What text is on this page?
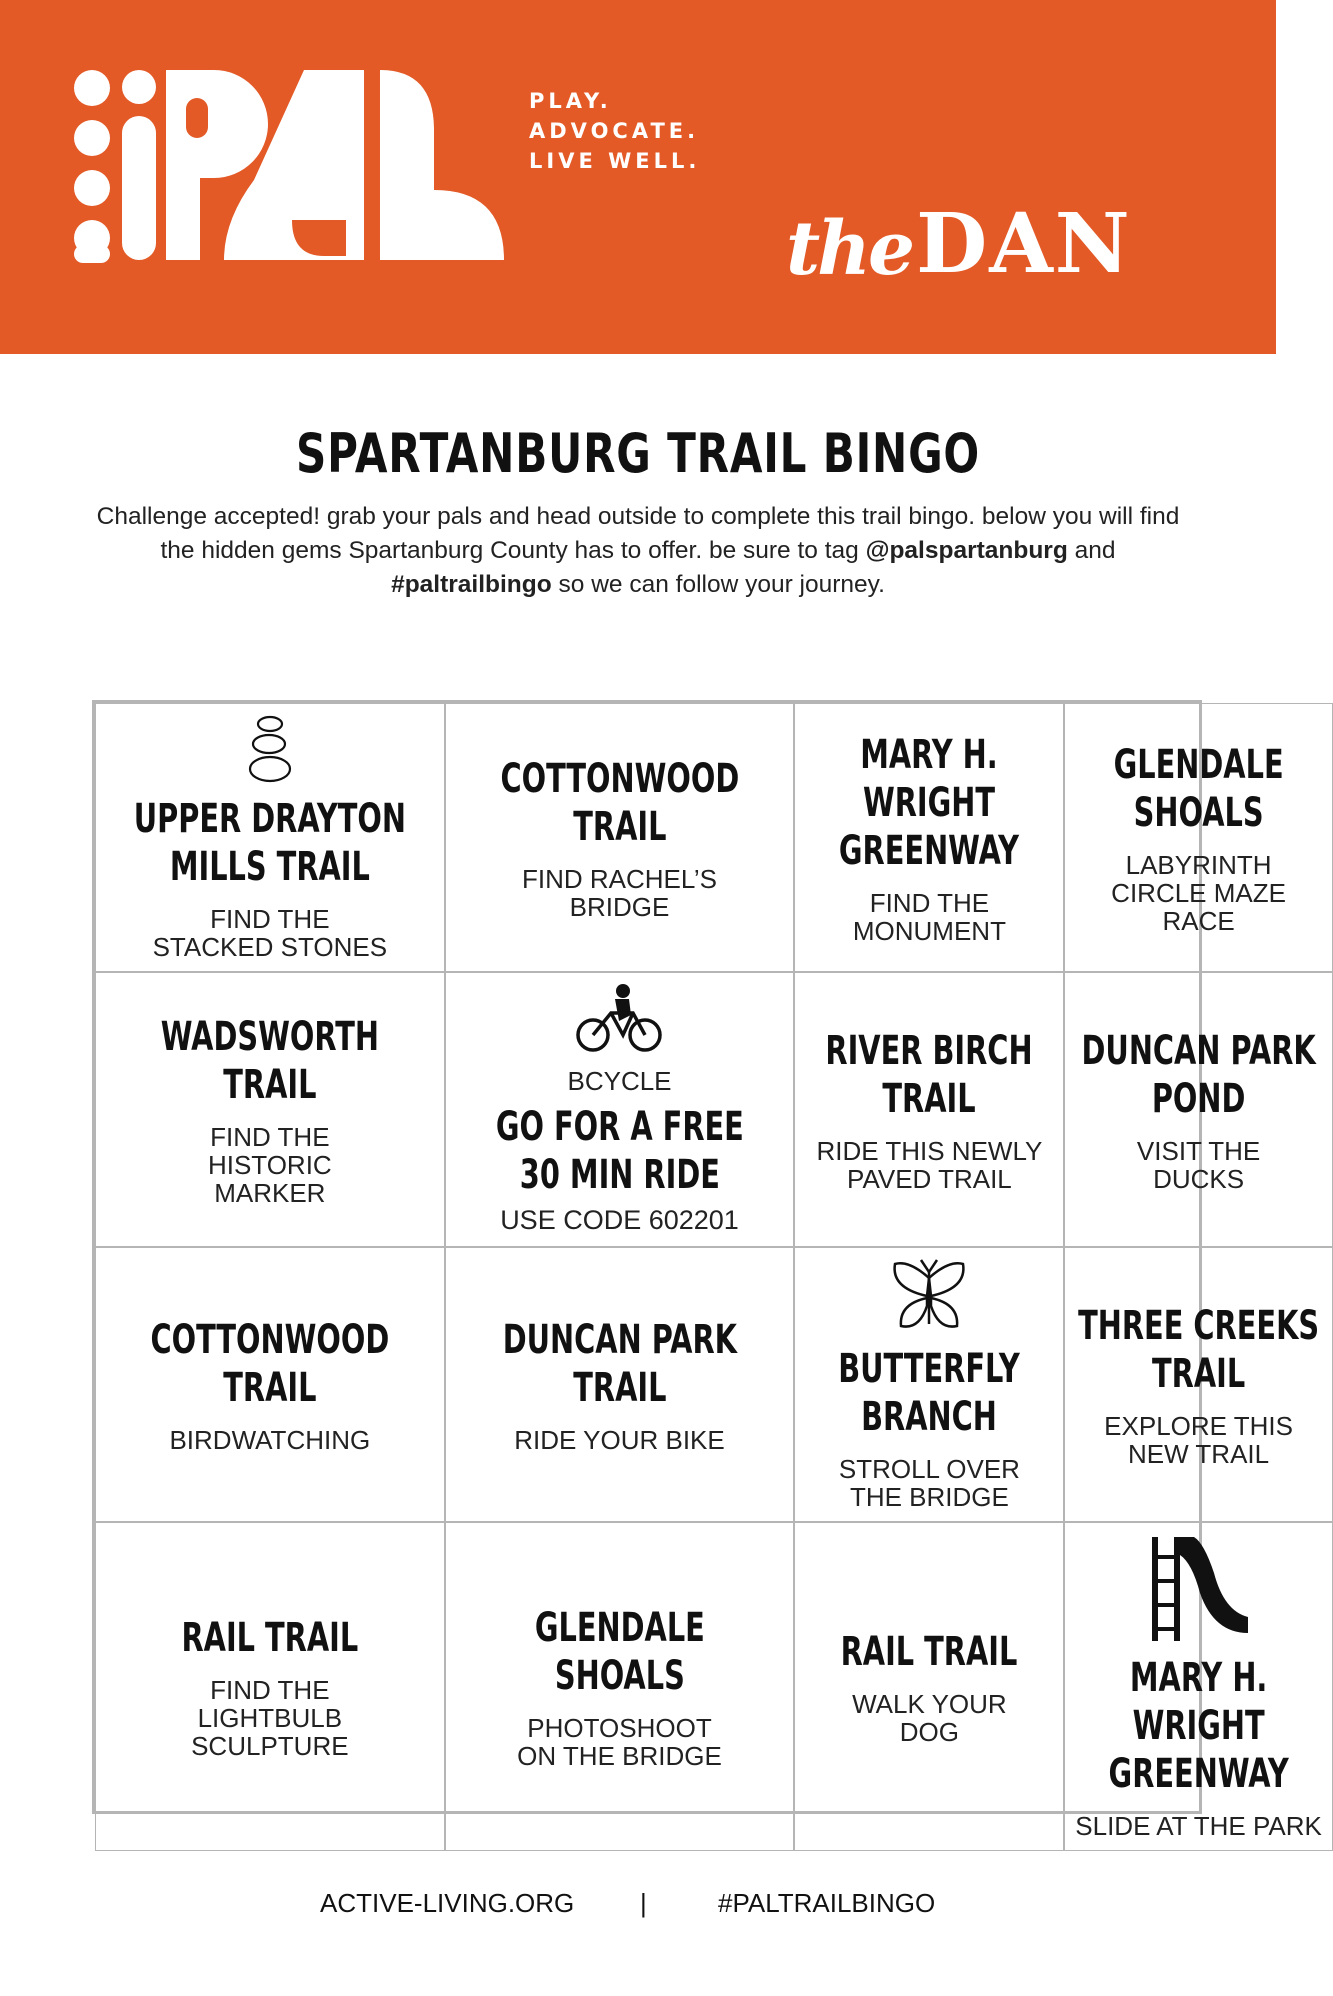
PLAY.
ADVOCATE.
LIVE WELL.
theDAN
SPARTANBURG TRAIL BINGO
Challenge accepted! grab your pals and head outside to complete this trail bingo. below you will find the hidden gems Spartanburg County has to offer. be sure to tag @palspartanburg and #paltrailbingo so we can follow your journey.
UPPER DRAYTON
MILLS TRAIL
FIND THE
STACKED STONES
COTTONWOOD
TRAIL
FIND RACHEL’S
BRIDGE
MARY H. WRIGHT
GREENWAY
FIND THE
MONUMENT
GLENDALE
SHOALS
LABYRINTH
CIRCLE MAZE
RACE
WADSWORTH
TRAIL
FIND THE
HISTORIC
MARKER
BCYCLE
GO FOR A FREE
30 MIN RIDE
USE CODE 602201
RIVER BIRCH
TRAIL
RIDE THIS NEWLY
PAVED TRAIL
DUNCAN PARK
POND
VISIT THE
DUCKS
COTTONWOOD
TRAIL
BIRDWATCHING
DUNCAN PARK
TRAIL
RIDE YOUR BIKE
BUTTERFLY
BRANCH
STROLL OVER
THE BRIDGE
THREE CREEKS
TRAIL
EXPLORE THIS
NEW TRAIL
RAIL TRAIL
FIND THE
LIGHTBULB
SCULPTURE
GLENDALE
SHOALS
PHOTOSHOOT
ON THE BRIDGE
RAIL TRAIL
WALK YOUR
DOG
MARY H. WRIGHT
GREENWAY
SLIDE AT THE PARK
ACTIVE-LIVING.ORG	|	#PALTRAILBINGO
